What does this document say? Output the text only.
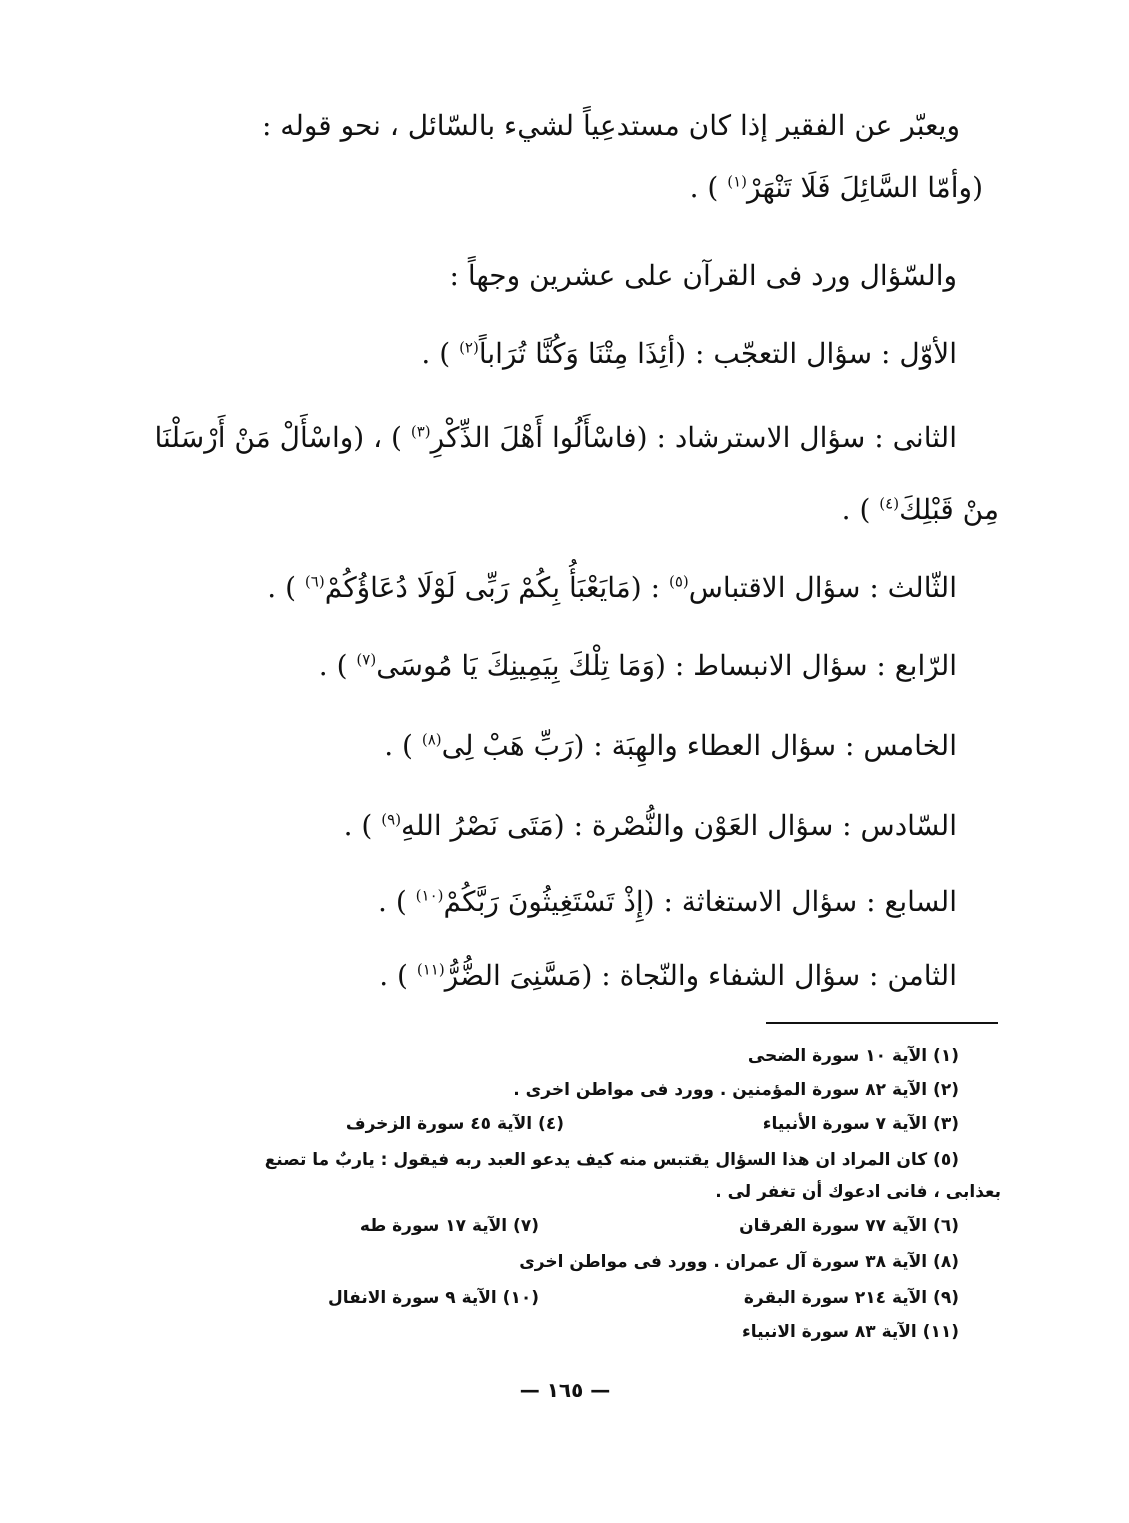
ويعبّر عن الفقير إذا كان مستدعِياً لشيء بالسّائل ، نحو قوله :
(وأمّا السَّائِلَ فَلَا تَنْهَرْ$^{(١)}$ ) .
والسّؤال ورد فى القرآن على عشرين وجهاً :
الأوّل : سؤال التعجّب : (أئِذَا مِتْنَا وَكُنَّا تُرَاباً$^{(٢)}$ ) .
الثانى : سؤال الاسترشاد : (فاسْأَلُوا أَهْلَ الذِّكْرِ$^{(٣)}$ ) ، (واسْأَلْ مَنْ أَرْسَلْنَا
مِنْ قَبْلِكَ$^{(٤)}$ ) .
الثّالث : سؤال الاقتباس$^{(٥)}$ : (مَايَعْبَأُ بِكُمْ رَبِّى لَوْلَا دُعَاؤُكُمْ$^{(٦)}$ ) .
الرّابع : سؤال الانبساط : (وَمَا تِلْكَ بِيَمِينِكَ يَا مُوسَى$^{(٧)}$ ) .
الخامس : سؤال العطاء والهِبَة : (رَبِّ هَبْ لِى$^{(٨)}$ ) .
السّادس : سؤال العَوْن والنُّصْرة : (مَتَى نَصْرُ اللهِ$^{(٩)}$ ) .
السابع : سؤال الاستغاثة : (إِذْ تَسْتَغِيثُونَ رَبَّكُمْ$^{(١٠)}$ ) .
الثامن : سؤال الشفاء والنّجاة : (مَسَّنِىَ الضُّرُّ$^{(١١)}$ ) .
(١) الآية ١٠ سورة الضحى
(٢) الآية ٨٢ سورة المؤمنين . وورد فى مواطن اخرى .
(٣) الآية ٧ سورة الأنبياء
(٤) الآية ٤٥ سورة الزخرف
(٥) كان المراد ان هذا السؤال يقتبس منه كيف يدعو العبد ربه فيقول : ياربٌ ما تصنع
بعذابى ، فانى ادعوك أن تغفر لى .
(٦) الآية ٧٧ سورة الفرقان
(٧) الآية ١٧ سورة طه
(٨) الآية ٣٨ سورة آل عمران . وورد فى مواطن اخرى
(٩) الآية ٢١٤ سورة البقرة
(١٠) الآية ٩ سورة الانفال
(١١) الآية ٨٣ سورة الانبياء
— ١٦٥ —
